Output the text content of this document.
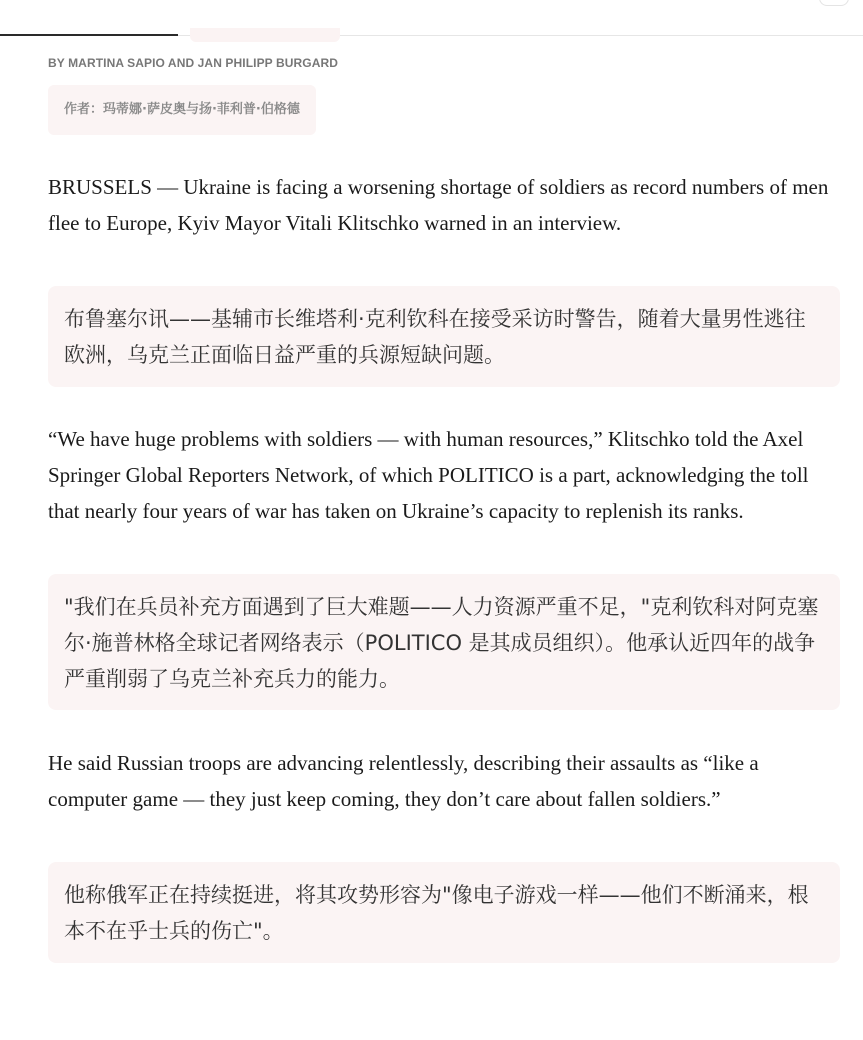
BY MARTINA SAPIO AND JAN PHILIPP BURGARD
作者：玛蒂娜·萨皮奥与扬·菲利普·伯格德
BRUSSELS — Ukraine is facing a worsening shortage of soldiers as record numbers of men flee to Europe, Kyiv Mayor Vitali Klitschko warned in an interview.
布鲁塞尔讯——基辅市长维塔利·克利钦科在接受采访时警告，随着大量男性逃往欧洲，乌克兰正面临日益严重的兵源短缺问题。
“We have huge problems with soldiers — with human resources,” Klitschko told the Axel Springer Global Reporters Network, of which POLITICO is a part, acknowledging the toll that nearly four years of war has taken on Ukraine’s capacity to replenish its ranks.
"我们在兵员补充方面遇到了巨大难题——人力资源严重不足，"克利钦科对阿克塞尔·施普林格全球记者网络表示（POLITICO 是其成员组织）。他承认近四年的战争严重削弱了乌克兰补充兵力的能力。
He said Russian troops are advancing relentlessly, describing their assaults as “like a computer game — they just keep coming, they don’t care about fallen soldiers.”
他称俄军正在持续挺进，将其攻势形容为"像电子游戏一样——他们不断涌来，根本不在乎士兵的伤亡"。
